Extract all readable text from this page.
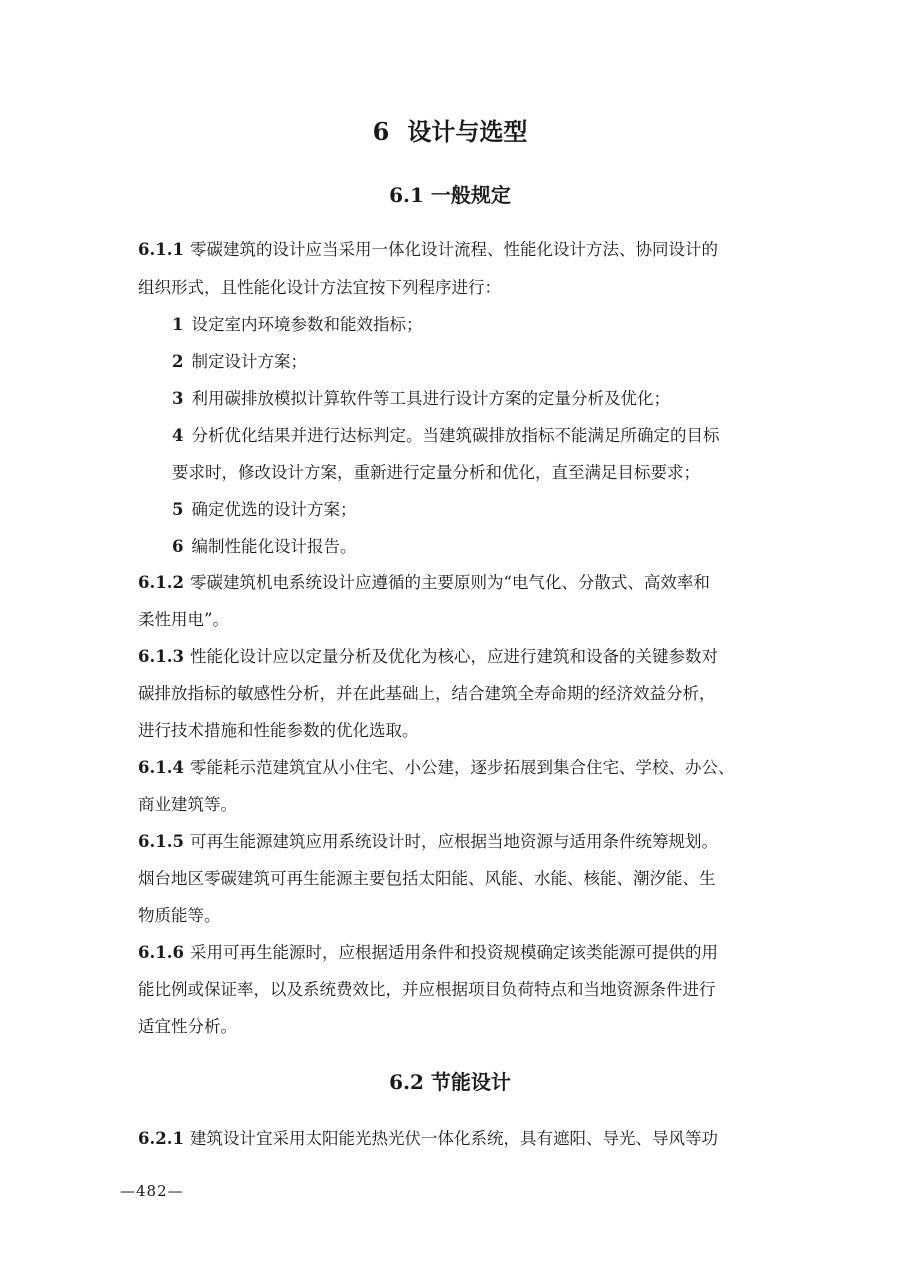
6 设计与选型
6.1 一般规定
6.1.1 零碳建筑的设计应当采用一体化设计流程、性能化设计方法、协同设计的
组织形式，且性能化设计方法宜按下列程序进行：
1 设定室内环境参数和能效指标；
2 制定设计方案；
3 利用碳排放模拟计算软件等工具进行设计方案的定量分析及优化；
4 分析优化结果并进行达标判定。当建筑碳排放指标不能满足所确定的目标
要求时，修改设计方案，重新进行定量分析和优化，直至满足目标要求；
5 确定优选的设计方案；
6 编制性能化设计报告。
6.1.2 零碳建筑机电系统设计应遵循的主要原则为“电气化、分散式、高效率和
柔性用电”。
6.1.3 性能化设计应以定量分析及优化为核心，应进行建筑和设备的关键参数对
碳排放指标的敏感性分析，并在此基础上，结合建筑全寿命期的经济效益分析，
进行技术措施和性能参数的优化选取。
6.1.4 零能耗示范建筑宜从小住宅、小公建，逐步拓展到集合住宅、学校、办公、
商业建筑等。
6.1.5 可再生能源建筑应用系统设计时，应根据当地资源与适用条件统筹规划。
烟台地区零碳建筑可再生能源主要包括太阳能、风能、水能、核能、潮汐能、生
物质能等。
6.1.6 采用可再生能源时，应根据适用条件和投资规模确定该类能源可提供的用
能比例或保证率，以及系统费效比，并应根据项目负荷特点和当地资源条件进行
适宜性分析。
6.2 节能设计
6.2.1 建筑设计宜采用太阳能光热光伏一体化系统，具有遮阳、导光、导风等功
—482—
